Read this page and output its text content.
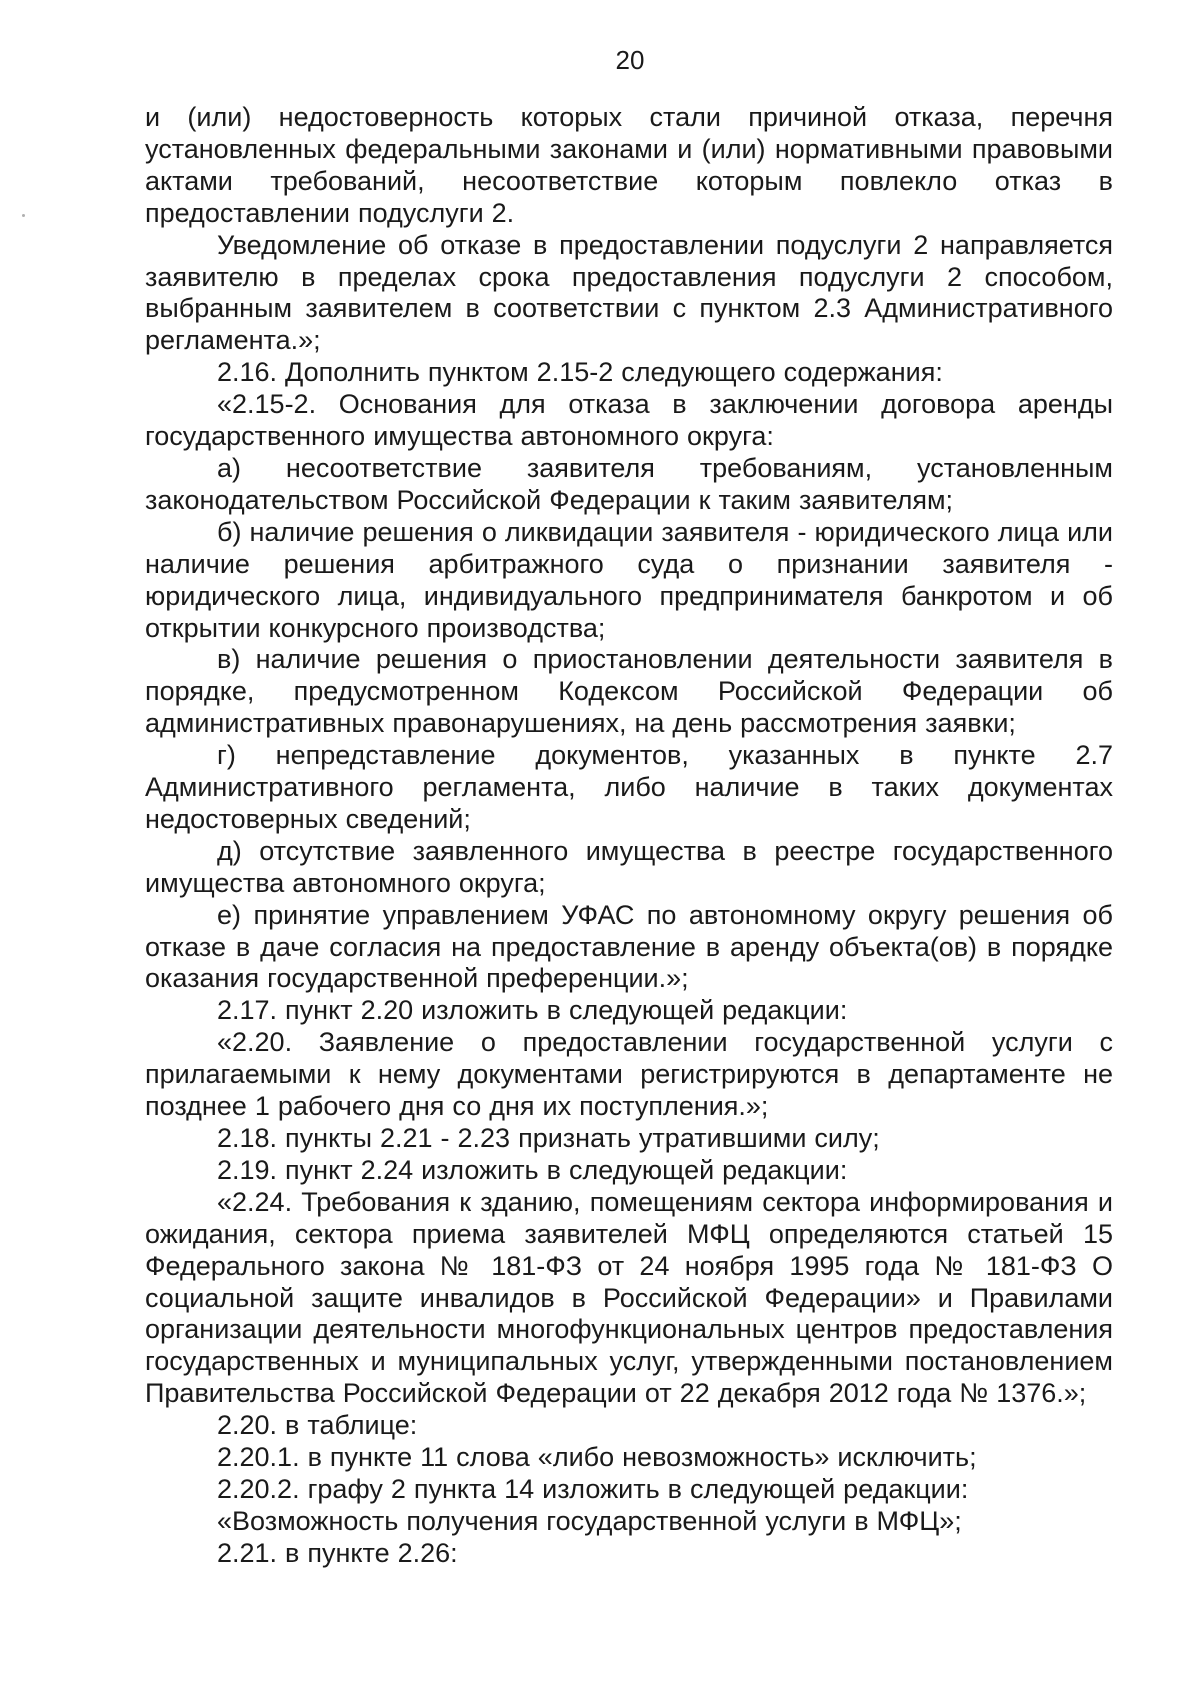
20

и (или) недостоверность которых стали причиной отказа, перечня установленных федеральными законами и (или) нормативными правовыми актами требований, несоответствие которым повлекло отказ в предоставлении подуслуги 2.

Уведомление об отказе в предоставлении подуслуги 2 направляется заявителю в пределах срока предоставления подуслуги 2 способом, выбранным заявителем в соответствии с пунктом 2.3 Административного регламента.»;

2.16. Дополнить пунктом 2.15-2 следующего содержания:

«2.15-2. Основания для отказа в заключении договора аренды государственного имущества автономного округа:

а) несоответствие заявителя требованиям, установленным законодательством Российской Федерации к таким заявителям;

б) наличие решения о ликвидации заявителя - юридического лица или наличие решения арбитражного суда о признании заявителя - юридического лица, индивидуального предпринимателя банкротом и об открытии конкурсного производства;

в) наличие решения о приостановлении деятельности заявителя в порядке, предусмотренном Кодексом Российской Федерации об административных правонарушениях, на день рассмотрения заявки;

г) непредставление документов, указанных в пункте 2.7 Административного регламента, либо наличие в таких документах недостоверных сведений;

д) отсутствие заявленного имущества в реестре государственного имущества автономного округа;

е) принятие управлением УФАС по автономному округу решения об отказе в даче согласия на предоставление в аренду объекта(ов) в порядке оказания государственной преференции.»;

2.17. пункт 2.20 изложить в следующей редакции:

«2.20. Заявление о предоставлении государственной услуги с прилагаемыми к нему документами регистрируются в департаменте не позднее 1 рабочего дня со дня их поступления.»;

2.18. пункты 2.21 - 2.23 признать утратившими силу;

2.19. пункт 2.24 изложить в следующей редакции:

«2.24. Требования к зданию, помещениям сектора информирования и ожидания, сектора приема заявителей МФЦ определяются статьей 15 Федерального закона № 181-ФЗ от 24 ноября 1995 года № 181-ФЗ О социальной защите инвалидов в Российской Федерации» и Правилами организации деятельности многофункциональных центров предоставления государственных и муниципальных услуг, утвержденными постановлением Правительства Российской Федерации от 22 декабря 2012 года № 1376.»;

2.20. в таблице:

2.20.1. в пункте 11 слова «либо невозможность» исключить;

2.20.2. графу 2 пункта 14 изложить в следующей редакции:

«Возможность получения государственной услуги в МФЦ»;

2.21. в пункте 2.26:
